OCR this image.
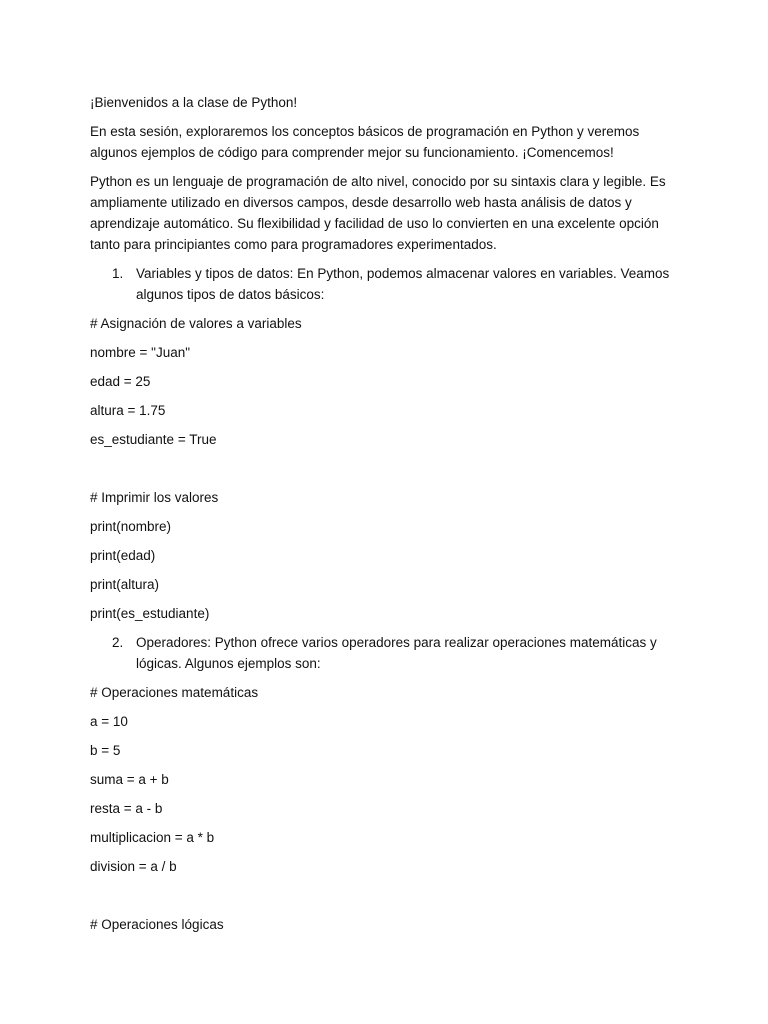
¡Bienvenidos a la clase de Python!

En esta sesión, exploraremos los conceptos básicos de programación en Python y veremos algunos ejemplos de código para comprender mejor su funcionamiento. ¡Comencemos!

Python es un lenguaje de programación de alto nivel, conocido por su sintaxis clara y legible. Es ampliamente utilizado en diversos campos, desde desarrollo web hasta análisis de datos y aprendizaje automático. Su flexibilidad y facilidad de uso lo convierten en una excelente opción tanto para principiantes como para programadores experimentados.

1. Variables y tipos de datos: En Python, podemos almacenar valores en variables. Veamos algunos tipos de datos básicos:
# Asignación de valores a variables
nombre = "Juan"
edad = 25
altura = 1.75
es_estudiante = True
# Imprimir los valores
print(nombre)
print(edad)
print(altura)
print(es_estudiante)
2. Operadores: Python ofrece varios operadores para realizar operaciones matemáticas y lógicas. Algunos ejemplos son:
# Operaciones matemáticas
a = 10
b = 5
suma = a + b
resta = a - b
multiplicacion = a * b
division = a / b
# Operaciones lógicas
